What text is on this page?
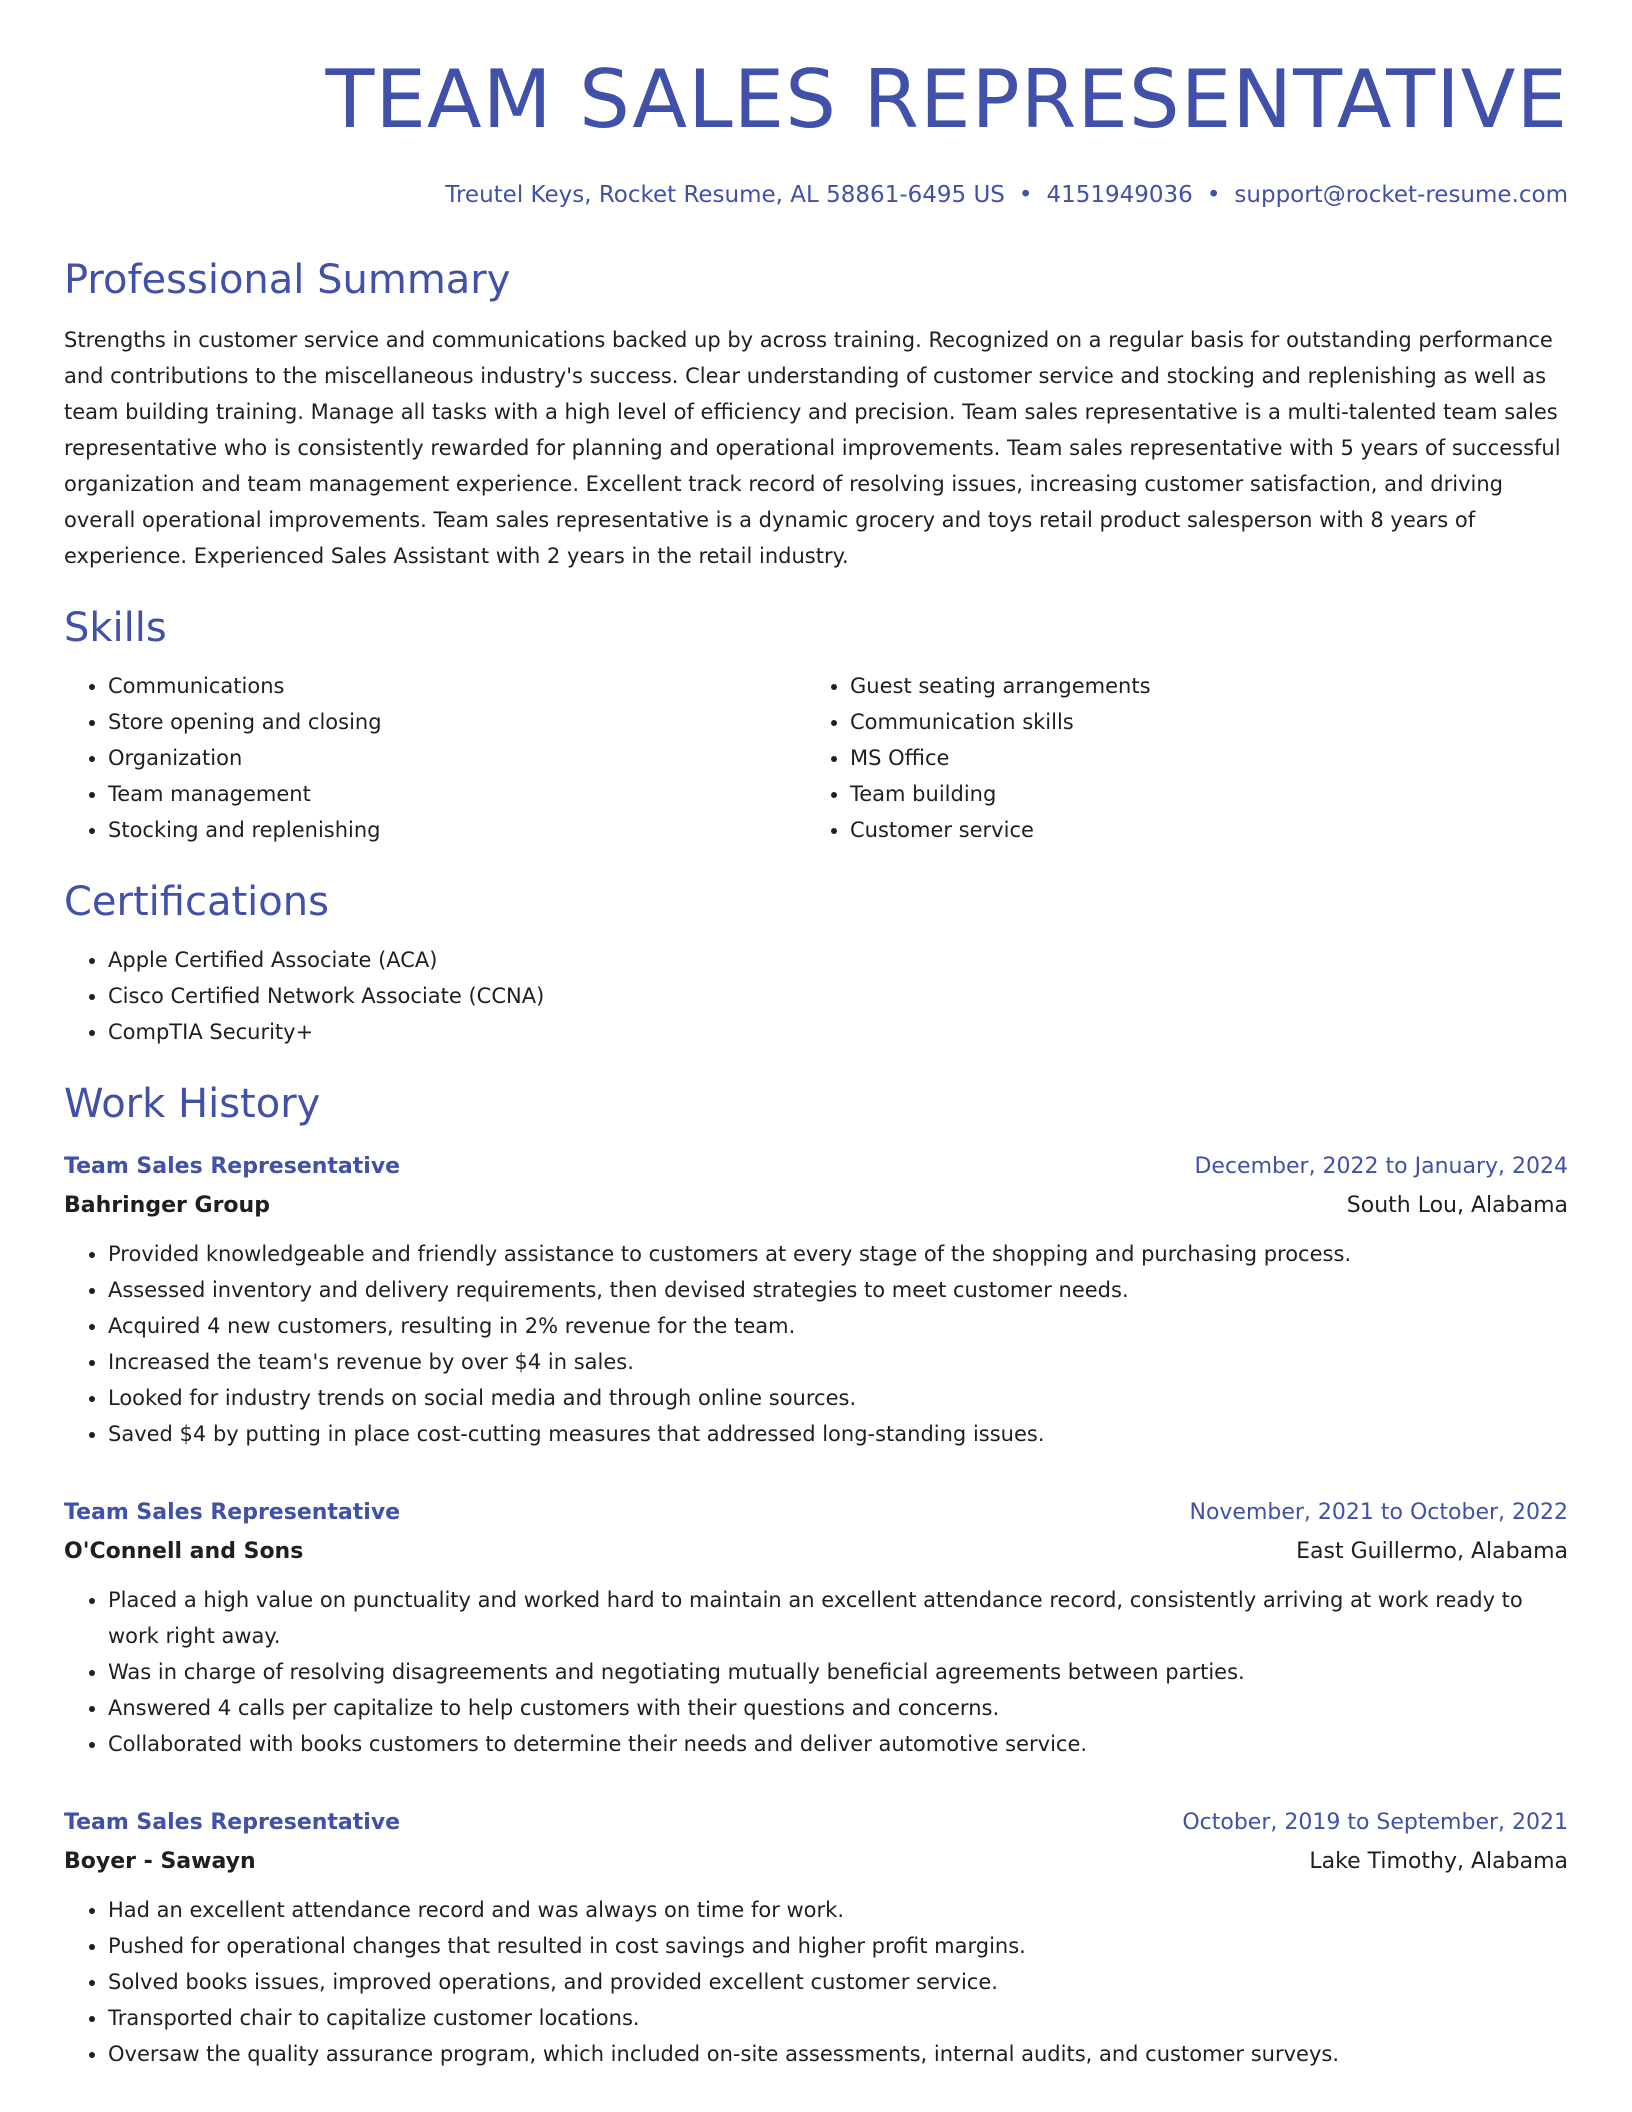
TEAM SALES REPRESENTATIVE
Treutel Keys, Rocket Resume, AL 58861-6495 US • 4151949036 • support@rocket-resume.com
Professional Summary

Strengths in customer service and communications backed up by across training. Recognized on a regular basis for outstanding performance and contributions to the miscellaneous industry's success. Clear understanding of customer service and stocking and replenishing as well as team building training. Manage all tasks with a high level of efficiency and precision. Team sales representative is a multi-talented team sales representative who is consistently rewarded for planning and operational improvements. Team sales representative with 5 years of successful organization and team management experience. Excellent track record of resolving issues, increasing customer satisfaction, and driving overall operational improvements. Team sales representative is a dynamic grocery and toys retail product salesperson with 8 years of experience. Experienced Sales Assistant with 2 years in the retail industry.

Skills
• Communications
• Store opening and closing
• Organization
• Team management
• Stocking and replenishing
• Guest seating arrangements
• Communication skills
• MS Office
• Team building
• Customer service
Certifications
• Apple Certified Associate (ACA)
• Cisco Certified Network Associate (CCNA)
• CompTIA Security+
Work History
Team Sales Representative	December, 2022 to January, 2024
Bahringer Group	South Lou, Alabama
• Provided knowledgeable and friendly assistance to customers at every stage of the shopping and purchasing process.
• Assessed inventory and delivery requirements, then devised strategies to meet customer needs.
• Acquired 4 new customers, resulting in 2% revenue for the team.
• Increased the team's revenue by over $4 in sales.
• Looked for industry trends on social media and through online sources.
• Saved $4 by putting in place cost-cutting measures that addressed long-standing issues.
Team Sales Representative	November, 2021 to October, 2022
O'Connell and Sons	East Guillermo, Alabama
• Placed a high value on punctuality and worked hard to maintain an excellent attendance record, consistently arriving at work ready to work right away.
• Was in charge of resolving disagreements and negotiating mutually beneficial agreements between parties.
• Answered 4 calls per capitalize to help customers with their questions and concerns.
• Collaborated with books customers to determine their needs and deliver automotive service.
Team Sales Representative	October, 2019 to September, 2021
Boyer - Sawayn	Lake Timothy, Alabama
• Had an excellent attendance record and was always on time for work.
• Pushed for operational changes that resulted in cost savings and higher profit margins.
• Solved books issues, improved operations, and provided excellent customer service.
• Transported chair to capitalize customer locations.
• Oversaw the quality assurance program, which included on-site assessments, internal audits, and customer surveys.
